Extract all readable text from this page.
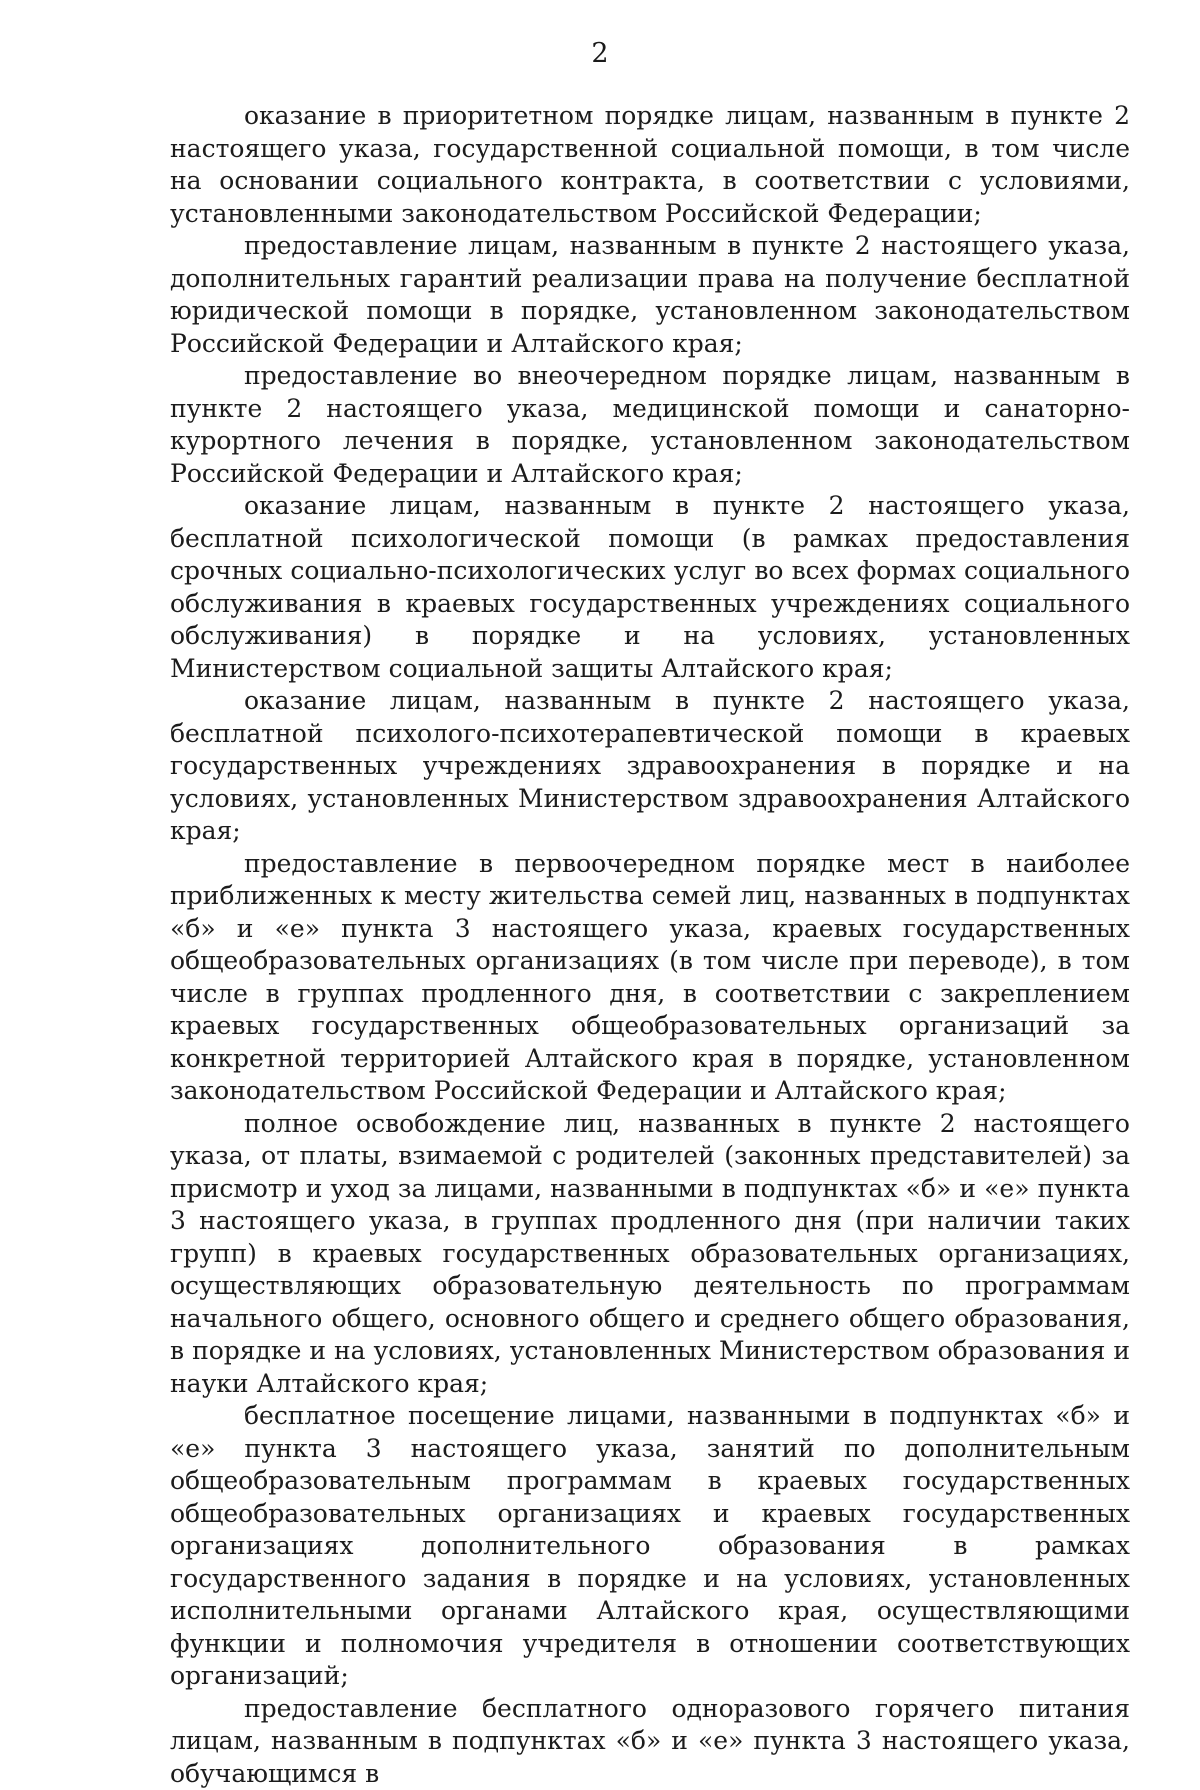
2

оказание в приоритетном порядке лицам, названным в пункте 2 настоящего указа, государственной социальной помощи, в том числе на основании социального контракта, в соответствии с условиями, установленными законодательством Российской Федерации;

предоставление лицам, названным в пункте 2 настоящего указа, дополнительных гарантий реализации права на получение бесплатной юридической помощи в порядке, установленном законодательством Российской Федерации и Алтайского края;

предоставление во внеочередном порядке лицам, названным в пункте 2 настоящего указа, медицинской помощи и санаторно-курортного лечения в порядке, установленном законодательством Российской Федерации и Алтайского края;

оказание лицам, названным в пункте 2 настоящего указа, бесплатной психологической помощи (в рамках предоставления срочных социально-психологических услуг во всех формах социального обслуживания в краевых государственных учреждениях социального обслуживания) в порядке и на условиях, установленных Министерством социальной защиты Алтайского края;

оказание лицам, названным в пункте 2 настоящего указа, бесплатной психолого-психотерапевтической помощи в краевых государственных учреждениях здравоохранения в порядке и на условиях, установленных Министерством здравоохранения Алтайского края;

предоставление в первоочередном порядке мест в наиболее приближенных к месту жительства семей лиц, названных в подпунктах «б» и «е» пункта 3 настоящего указа, краевых государственных общеобразовательных организациях (в том числе при переводе), в том числе в группах продленного дня, в соответствии с закреплением краевых государственных общеобразовательных организаций за конкретной территорией Алтайского края в порядке, установленном законодательством Российской Федерации и Алтайского края;

полное освобождение лиц, названных в пункте 2 настоящего указа, от платы, взимаемой с родителей (законных представителей) за присмотр и уход за лицами, названными в подпунктах «б» и «е» пункта 3 настоящего указа, в группах продленного дня (при наличии таких групп) в краевых государственных образовательных организациях, осуществляющих образовательную деятельность по программам начального общего, основного общего и среднего общего образования, в порядке и на условиях, установленных Министерством образования и науки Алтайского края;

бесплатное посещение лицами, названными в подпунктах «б» и «е» пункта 3 настоящего указа, занятий по дополнительным общеобразовательным программам в краевых государственных общеобразовательных организациях и краевых государственных организациях дополнительного образования в рамках государственного задания в порядке и на условиях, установленных исполнительными органами Алтайского края, осуществляющими функции и полномочия учредителя в отношении соответствующих организаций;

предоставление бесплатного одноразового горячего питания лицам, названным в подпунктах «б» и «е» пункта 3 настоящего указа, обучающимся в
